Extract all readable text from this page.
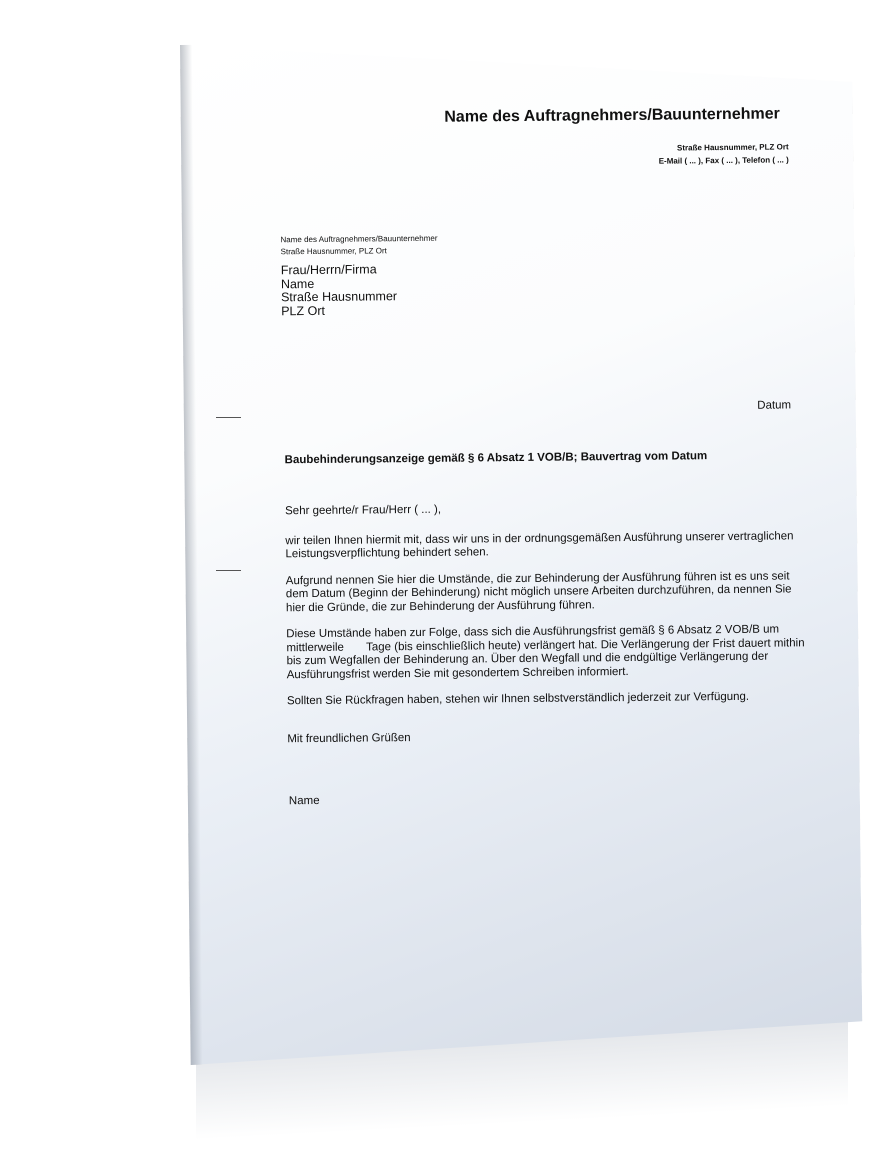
Name des Auftragnehmers/Bauunternehmer
Straße Hausnummer, PLZ Ort
E-Mail ( ... ), Fax ( ... ), Telefon ( ... )
Name des Auftragnehmers/Bauunternehmer
Straße Hausnummer, PLZ Ort
Frau/Herrn/Firma
Name
Straße Hausnummer
PLZ Ort
Datum
Baubehinderungsanzeige gemäß § 6 Absatz 1 VOB/B; Bauvertrag vom Datum

Sehr geehrte/r Frau/Herr ( ... ),

wir teilen Ihnen hiermit mit, dass wir uns in der ordnungsgemäßen Ausführung unserer vertraglichen
Leistungsverpflichtung behindert sehen.

Aufgrund nennen Sie hier die Umstände, die zur Behinderung der Ausführung führen ist es uns seit
dem Datum (Beginn der Behinderung) nicht möglich unsere Arbeiten durchzuführen, da nennen Sie
hier die Gründe, die zur Behinderung der Ausführung führen.

Diese Umstände haben zur Folge, dass sich die Ausführungsfrist gemäß § 6 Absatz 2 VOB/B um
mittlerweile       Tage (bis einschließlich heute) verlängert hat. Die Verlängerung der Frist dauert mithin
bis zum Wegfallen der Behinderung an. Über den Wegfall und die endgültige Verlängerung der
Ausführungsfrist werden Sie mit gesondertem Schreiben informiert.

Sollten Sie Rückfragen haben, stehen wir Ihnen selbstverständlich jederzeit zur Verfügung.

Mit freundlichen Grüßen

Name
